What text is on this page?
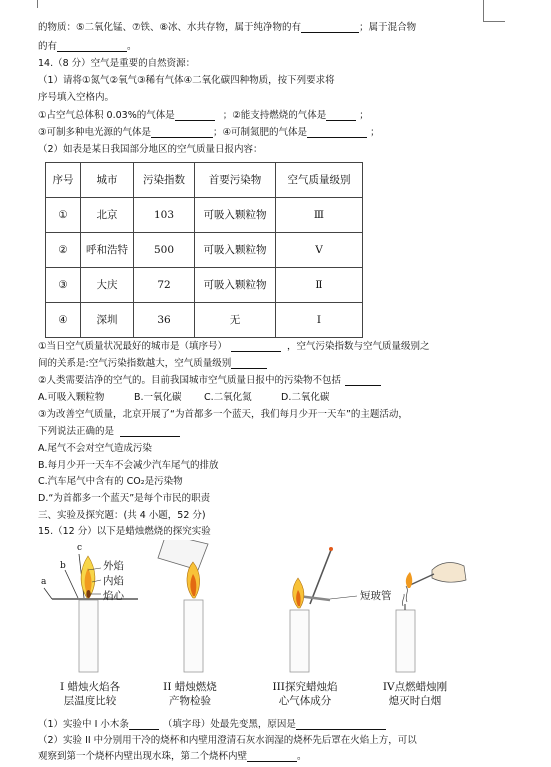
的物质：⑤二氧化锰、⑦铁、⑧冰、水共存物，属于纯净物的有	；属于混合物
的有	。
14.（8 分）空气是重要的自然资源：
（1）请将①氮气②氧气③稀有气体④二氧化碳四种物质，按下列要求将
序号填入空格内。
①占空气总体积 0.03%的气体是	；②能支持燃烧的气体是	；
③可制多种电光源的气体是	；④可制氮肥的气体是	；
（2）如表是某日我国部分地区的空气质量日报内容：
序号	城市	污染指数	首要污染物	空气质量级别
①	北京	103	可吸入颗粒物	Ⅲ
②	呼和浩特	500	可吸入颗粒物	V
③	大庆	72	可吸入颗粒物	Ⅱ
④	深圳	36	无	I
①当日空气质量状况最好的城市是（填序号）	，空气污染指数与空气质量级别之
间的关系是:空气污染指数越大，空气质量级别
②人类需要洁净的空气的。目前我国城市空气质量日报中的污染物不包括
A.可吸入颗粒物	B.一氧化碳 C.二氧化氮	D.二氧化碳
③为改善空气质量，北京开展了“为首都多一个蓝天，我们每月少开一天车”的主题活动，
下列说法正确的是
A.尾气不会对空气造成污染
B.每月少开一天车不会减少汽车尾气的排放
C.汽车尾气中含有的 CO₂是污染物
D.“为首都多一个蓝天”是每个市民的职责
三、实验及探究题：(共 4 小题，52 分)
15.（12 分）以下是蜡烛燃烧的探究实验
c
b
a
外焰
内焰
焰心	短玻管
I 蜡烛火焰各
层温度比较
II 蜡烛燃烧
产物检验
III探究蜡烛焰
心气体成分
IV点燃蜡烛刚
熄灭时白烟
（1）实验中 I 小木条	（填字母）处最先变黑，原因是
（2）实验 II 中分别用干冷的烧杯和内壁用澄清石灰水润湿的烧杯先后罩在火焰上方，可以
观察到第一个烧杯内壁出现水珠，第二个烧杯内壁	。
